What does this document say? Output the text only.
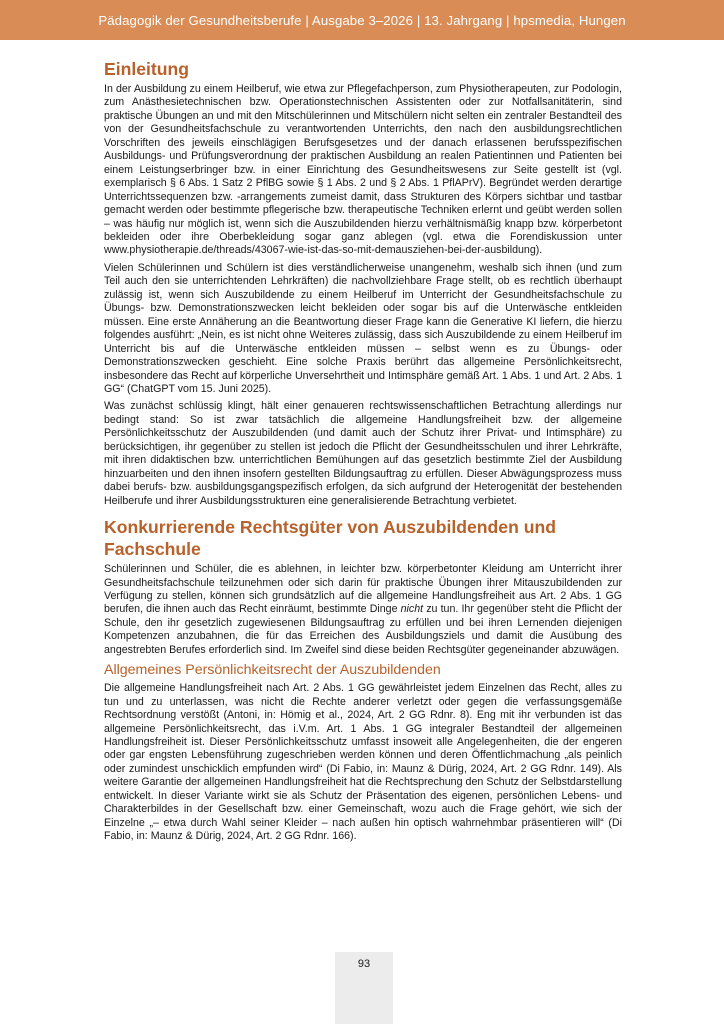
Pädagogik der Gesundheitsberufe | Ausgabe 3–2026 | 13. Jahrgang | hpsmedia, Hungen
Einleitung

In der Ausbildung zu einem Heilberuf, wie etwa zur Pflegefachperson, zum Physiotherapeuten, zur Podologin, zum Anästhesietechnischen bzw. Operationstechnischen Assistenten oder zur Notfallsanitäterin, sind praktische Übungen an und mit den Mitschülerinnen und Mitschülern nicht selten ein zentraler Bestandteil des von der Gesundheitsfachschule zu verantwortenden Unterrichts, den nach den ausbildungsrechtlichen Vorschriften des jeweils einschlägigen Berufsgesetzes und der danach erlassenen berufsspezifischen Ausbildungs- und Prüfungsverordnung der praktischen Ausbildung an realen Patientinnen und Patienten bei einem Leistungserbringer bzw. in einer Einrichtung des Gesundheitswesens zur Seite gestellt ist (vgl. exemplarisch § 6 Abs. 1 Satz 2 PflBG sowie § 1 Abs. 2 und § 2 Abs. 1 PflAPrV). Begründet werden derartige Unterrichtssequenzen bzw. -arrangements zumeist damit, dass Strukturen des Körpers sichtbar und tastbar gemacht werden oder bestimmte pflegerische bzw. therapeutische Techniken erlernt und geübt werden sollen – was häufig nur möglich ist, wenn sich die Auszubildenden hierzu verhältnismäßig knapp bzw. körperbetont bekleiden oder ihre Oberbekleidung sogar ganz ablegen (vgl. etwa die Forendiskussion unter www.physiotherapie.de/threads/43067-wie-ist-das-so-mit-demausziehen-bei-der-ausbildung).

Vielen Schülerinnen und Schülern ist dies verständlicherweise unangenehm, weshalb sich ihnen (und zum Teil auch den sie unterrichtenden Lehrkräften) die nachvollziehbare Frage stellt, ob es rechtlich überhaupt zulässig ist, wenn sich Auszubildende zu einem Heilberuf im Unterricht der Gesundheitsfachschule zu Übungs- bzw. Demonstrationszwecken leicht bekleiden oder sogar bis auf die Unterwäsche entkleiden müssen. Eine erste Annäherung an die Beantwortung dieser Frage kann die Generative KI liefern, die hierzu folgendes ausführt: „Nein, es ist nicht ohne Weiteres zulässig, dass sich Auszubildende zu einem Heilberuf im Unterricht bis auf die Unterwäsche entkleiden müssen – selbst wenn es zu Übungs- oder Demonstrationszwecken geschieht. Eine solche Praxis berührt das allgemeine Persönlichkeitsrecht, insbesondere das Recht auf körperliche Unversehrtheit und Intimsphäre gemäß Art. 1 Abs. 1 und Art. 2 Abs. 1 GG“ (ChatGPT vom 15. Juni 2025).

Was zunächst schlüssig klingt, hält einer genaueren rechtswissenschaftlichen Betrachtung allerdings nur bedingt stand: So ist zwar tatsächlich die allgemeine Handlungsfreiheit bzw. der allgemeine Persönlichkeitsschutz der Auszubildenden (und damit auch der Schutz ihrer Privat- und Intimsphäre) zu berücksichtigen, ihr gegenüber zu stellen ist jedoch die Pflicht der Gesundheitsschulen und ihrer Lehrkräfte, mit ihren didaktischen bzw. unterrichtlichen Bemühungen auf das gesetzlich bestimmte Ziel der Ausbildung hinzuarbeiten und den ihnen insofern gestellten Bildungsauftrag zu erfüllen. Dieser Abwägungsprozess muss dabei berufs- bzw. ausbildungsgangspezifisch erfolgen, da sich aufgrund der Heterogenität der bestehenden Heilberufe und ihrer Ausbildungsstrukturen eine generalisierende Betrachtung verbietet.

Konkurrierende Rechtsgüter von Auszubildenden und Fachschule

Schülerinnen und Schüler, die es ablehnen, in leichter bzw. körperbetonter Kleidung am Unterricht ihrer Gesundheitsfachschule teilzunehmen oder sich darin für praktische Übungen ihrer Mitauszubildenden zur Verfügung zu stellen, können sich grundsätzlich auf die allgemeine Handlungsfreiheit aus Art. 2 Abs. 1 GG berufen, die ihnen auch das Recht einräumt, bestimmte Dinge nicht zu tun. Ihr gegenüber steht die Pflicht der Schule, den ihr gesetzlich zugewiesenen Bildungsauftrag zu erfüllen und bei ihren Lernenden diejenigen Kompetenzen anzubahnen, die für das Erreichen des Ausbildungsziels und damit die Ausübung des angestrebten Berufes erforderlich sind. Im Zweifel sind diese beiden Rechtsgüter gegeneinander abzuwägen.

Allgemeines Persönlichkeitsrecht der Auszubildenden

Die allgemeine Handlungsfreiheit nach Art. 2 Abs. 1 GG gewährleistet jedem Einzelnen das Recht, alles zu tun und zu unterlassen, was nicht die Rechte anderer verletzt oder gegen die verfassungsgemäße Rechtsordnung verstößt (Antoni, in: Hömig et al., 2024, Art. 2 GG Rdnr. 8). Eng mit ihr verbunden ist das allgemeine Persönlichkeitsrecht, das i.V.m. Art. 1 Abs. 1 GG integraler Bestandteil der allgemeinen Handlungsfreiheit ist. Dieser Persönlichkeitsschutz umfasst insoweit alle Angelegenheiten, die der engeren oder gar engsten Lebensführung zugeschrieben werden können und deren Öffentlichmachung „als peinlich oder zumindest unschicklich empfunden wird“ (Di Fabio, in: Maunz & Dürig, 2024, Art. 2 GG Rdnr. 149). Als weitere Garantie der allgemeinen Handlungsfreiheit hat die Rechtsprechung den Schutz der Selbstdarstellung entwickelt. In dieser Variante wirkt sie als Schutz der Präsentation des eigenen, persönlichen Lebens- und Charakterbildes in der Gesellschaft bzw. einer Gemeinschaft, wozu auch die Frage gehört, wie sich der Einzelne „– etwa durch Wahl seiner Kleider – nach außen hin optisch wahrnehmbar präsentieren will“ (Di Fabio, in: Maunz & Dürig, 2024, Art. 2 GG Rdnr. 166).

93
